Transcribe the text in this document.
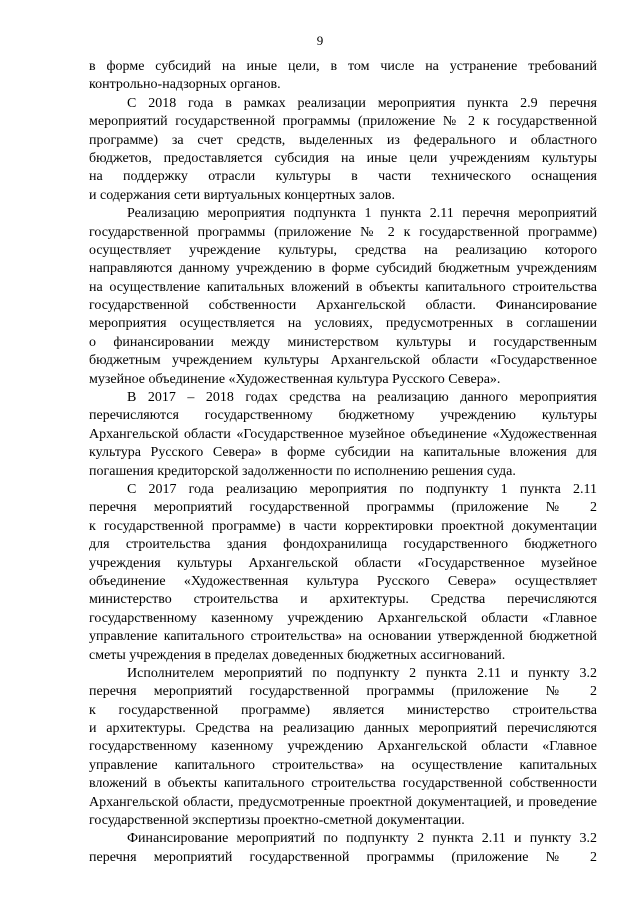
9
в форме субсидий на иные цели, в том числе на устранение требований
контрольно-надзорных органов.
С 2018 года в рамках реализации мероприятия пункта 2.9 перечня
мероприятий государственной программы (приложение № 2 к государственной
программе) за счет средств, выделенных из федерального и областного
бюджетов, предоставляется субсидия на иные цели учреждениям культуры
на поддержку отрасли культуры в части технического оснащения
и содержания сети виртуальных концертных залов.
Реализацию мероприятия подпункта 1 пункта 2.11 перечня мероприятий
государственной программы (приложение № 2 к государственной программе)
осуществляет учреждение культуры, средства на реализацию которого
направляются данному учреждению в форме субсидий бюджетным учреждениям
на осуществление капитальных вложений в объекты капитального строительства
государственной собственности Архангельской области. Финансирование
мероприятия осуществляется на условиях, предусмотренных в соглашении
о финансировании между министерством культуры и государственным
бюджетным учреждением культуры Архангельской области «Государственное
музейное объединение «Художественная культура Русского Севера».
В 2017 – 2018 годах средства на реализацию данного мероприятия
перечисляются государственному бюджетному учреждению культуры
Архангельской области «Государственное музейное объединение «Художественная
культура Русского Севера» в форме субсидии на капитальные вложения для
погашения кредиторской задолженности по исполнению решения суда.
С 2017 года реализацию мероприятия по подпункту 1 пункта 2.11
перечня мероприятий государственной программы (приложение № 2
к государственной программе) в части корректировки проектной документации
для строительства здания фондохранилища государственного бюджетного
учреждения культуры Архангельской области «Государственное музейное
объединение «Художественная культура Русского Севера» осуществляет
министерство строительства и архитектуры. Средства перечисляются
государственному казенному учреждению Архангельской области «Главное
управление капитального строительства» на основании утвержденной бюджетной
сметы учреждения в пределах доведенных бюджетных ассигнований.
Исполнителем мероприятий по подпункту 2 пункта 2.11 и пункту 3.2
перечня мероприятий государственной программы (приложение № 2
к государственной программе) является министерство строительства
и архитектуры. Средства на реализацию данных мероприятий перечисляются
государственному казенному учреждению Архангельской области «Главное
управление капитального строительства» на осуществление капитальных
вложений в объекты капитального строительства государственной собственности
Архангельской области, предусмотренные проектной документацией, и проведение
государственной экспертизы проектно-сметной документации.
Финансирование мероприятий по подпункту 2 пункта 2.11 и пункту 3.2
перечня мероприятий государственной программы (приложение № 2
